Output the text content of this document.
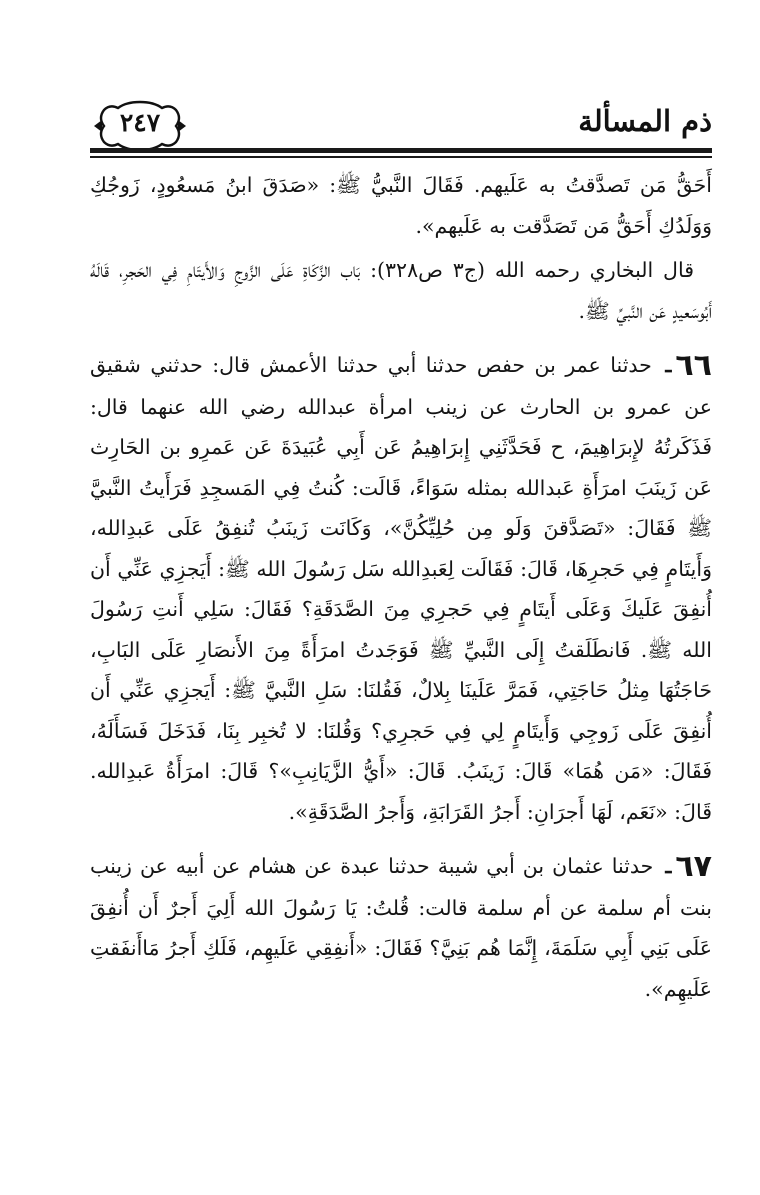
ذم المسألة
٢٤٧

أَحَقُّ مَن تَصدَّقتُ به عَلَيهم. فَقَالَ النَّبيُّ ﷺ: «صَدَقَ ابنُ مَسعُودٍ، زَوجُكِ وَوَلَدُكِ أَحَقُّ مَن تَصَدَّقت به عَلَيهم».

قال البخاري رحمه الله (ج٣ ص٣٢٨): بَاب الزَّكَاةِ عَلَى الزَّوجِ وَالأَيتَامِ فِي الحَجرِ، قَالَهُ أَبُوسَعيدٍ عَن النَّبيِّ ﷺ.

٦٦ـ حدثنا عمر بن حفص حدثنا أبي حدثنا الأعمش قال: حدثني شقيق عن عمرو بن الحارث عن زينب امرأة عبدالله رضي الله عنهما قال: فَذَكَرتُهُ لإِبرَاهِيمَ، ح فَحَدَّثَنِي إِبرَاهِيمُ عَن أَبِي عُبَيدَةَ عَن عَمرِو بن الحَارِث عَن زَينَبَ امرَأَةِ عَبدالله بمثله سَوَاءً، قَالَت: كُنتُ فِي المَسجِدِ فَرَأَيتُ النَّبيَّ ﷺ فَقَالَ: «تَصَدَّقنَ وَلَو مِن حُلِيِّكُنَّ»، وَكَانَت زَينَبُ تُنفِقُ عَلَى عَبدِالله، وَأَيتَامٍ فِي حَجرِهَا، قَالَ: فَقَالَت لِعَبدِالله سَل رَسُولَ الله ﷺ: أَيَجزِي عَنِّي أَن أُنفِقَ عَلَيكَ وَعَلَى أَيتَامٍ فِي حَجرِي مِنَ الصَّدَقَةِ؟ فَقَالَ: سَلِي أَنتِ رَسُولَ الله ﷺ. فَانطَلَقتُ إِلَى النَّبيِّ ﷺ فَوَجَدتُ امرَأَةً مِنَ الأَنصَارِ عَلَى البَابِ، حَاجَتُهَا مِثلُ حَاجَتِي، فَمَرَّ عَلَينَا بِلالٌ، فَقُلنَا: سَلِ النَّبيَّ ﷺ: أَيَجزِي عَنِّي أَن أُنفِقَ عَلَى زَوجِي وَأَيتَامٍ لِي فِي حَجرِي؟ وَقُلنَا: لا تُخبِر بِنَا، فَدَخَلَ فَسَأَلَهُ، فَقَالَ: «مَن هُمَا» قَالَ: زَينَبُ. قَالَ: «أَيُّ الزَّيَانِبِ»؟ قَالَ: امرَأَةُ عَبدِالله. قَالَ: «نَعَم، لَهَا أَجرَانِ: أَجرُ القَرَابَةِ، وَأَجرُ الصَّدَقَةِ».

٦٧ـ حدثنا عثمان بن أبي شيبة حدثنا عبدة عن هشام عن أبيه عن زينب بنت أم سلمة عن أم سلمة قالت: قُلتُ: يَا رَسُولَ الله أَلِيَ أَجرٌ أَن أُنفِقَ عَلَى بَنِي أَبِي سَلَمَةَ، إِنَّمَا هُم بَنِيَّ؟ فَقَالَ: «أَنفِقِي عَلَيهِم، فَلَكِ أَجرُ مَاأَنفَقتِ عَلَيهِم».
